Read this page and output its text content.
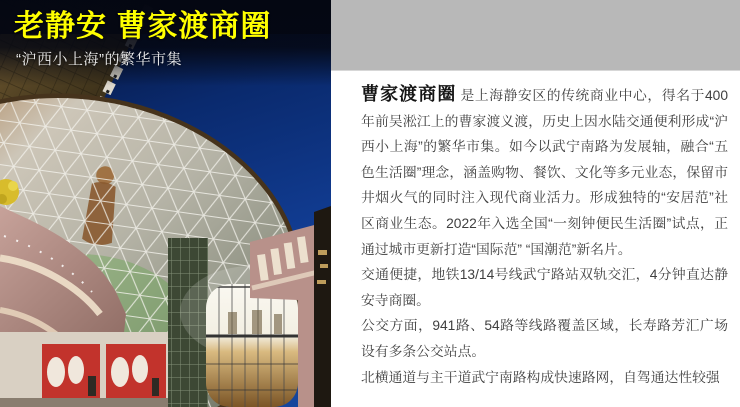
老静安 曹家渡商圈

“沪西小上海”的繁华市集

曹家渡商圈 是上海静安区的传统商业中心，得名于400年前吴淞江上的曹家渡义渡，历史上因水陆交通便利形成“沪西小上海”的繁华市集。如今以武宁南路为发展轴，融合“五色生活圈”理念，涵盖购物、餐饮、文化等多元业态，保留市井烟火气的同时注入现代商业活力。形成独特的“安居范”社区商业生态。2022年入选全国“一刻钟便民生活圈”试点，正通过城市更新打造“国际范” “国潮范”新名片。

交通便捷，地铁13/14号线武宁路站双轨交汇，4分钟直达静安寺商圈。

公交方面，941路、54路等线路覆盖区域，长寿路芳汇广场设有多条公交站点。

北横通道与主干道武宁南路构成快速路网，自驾通达性较强
